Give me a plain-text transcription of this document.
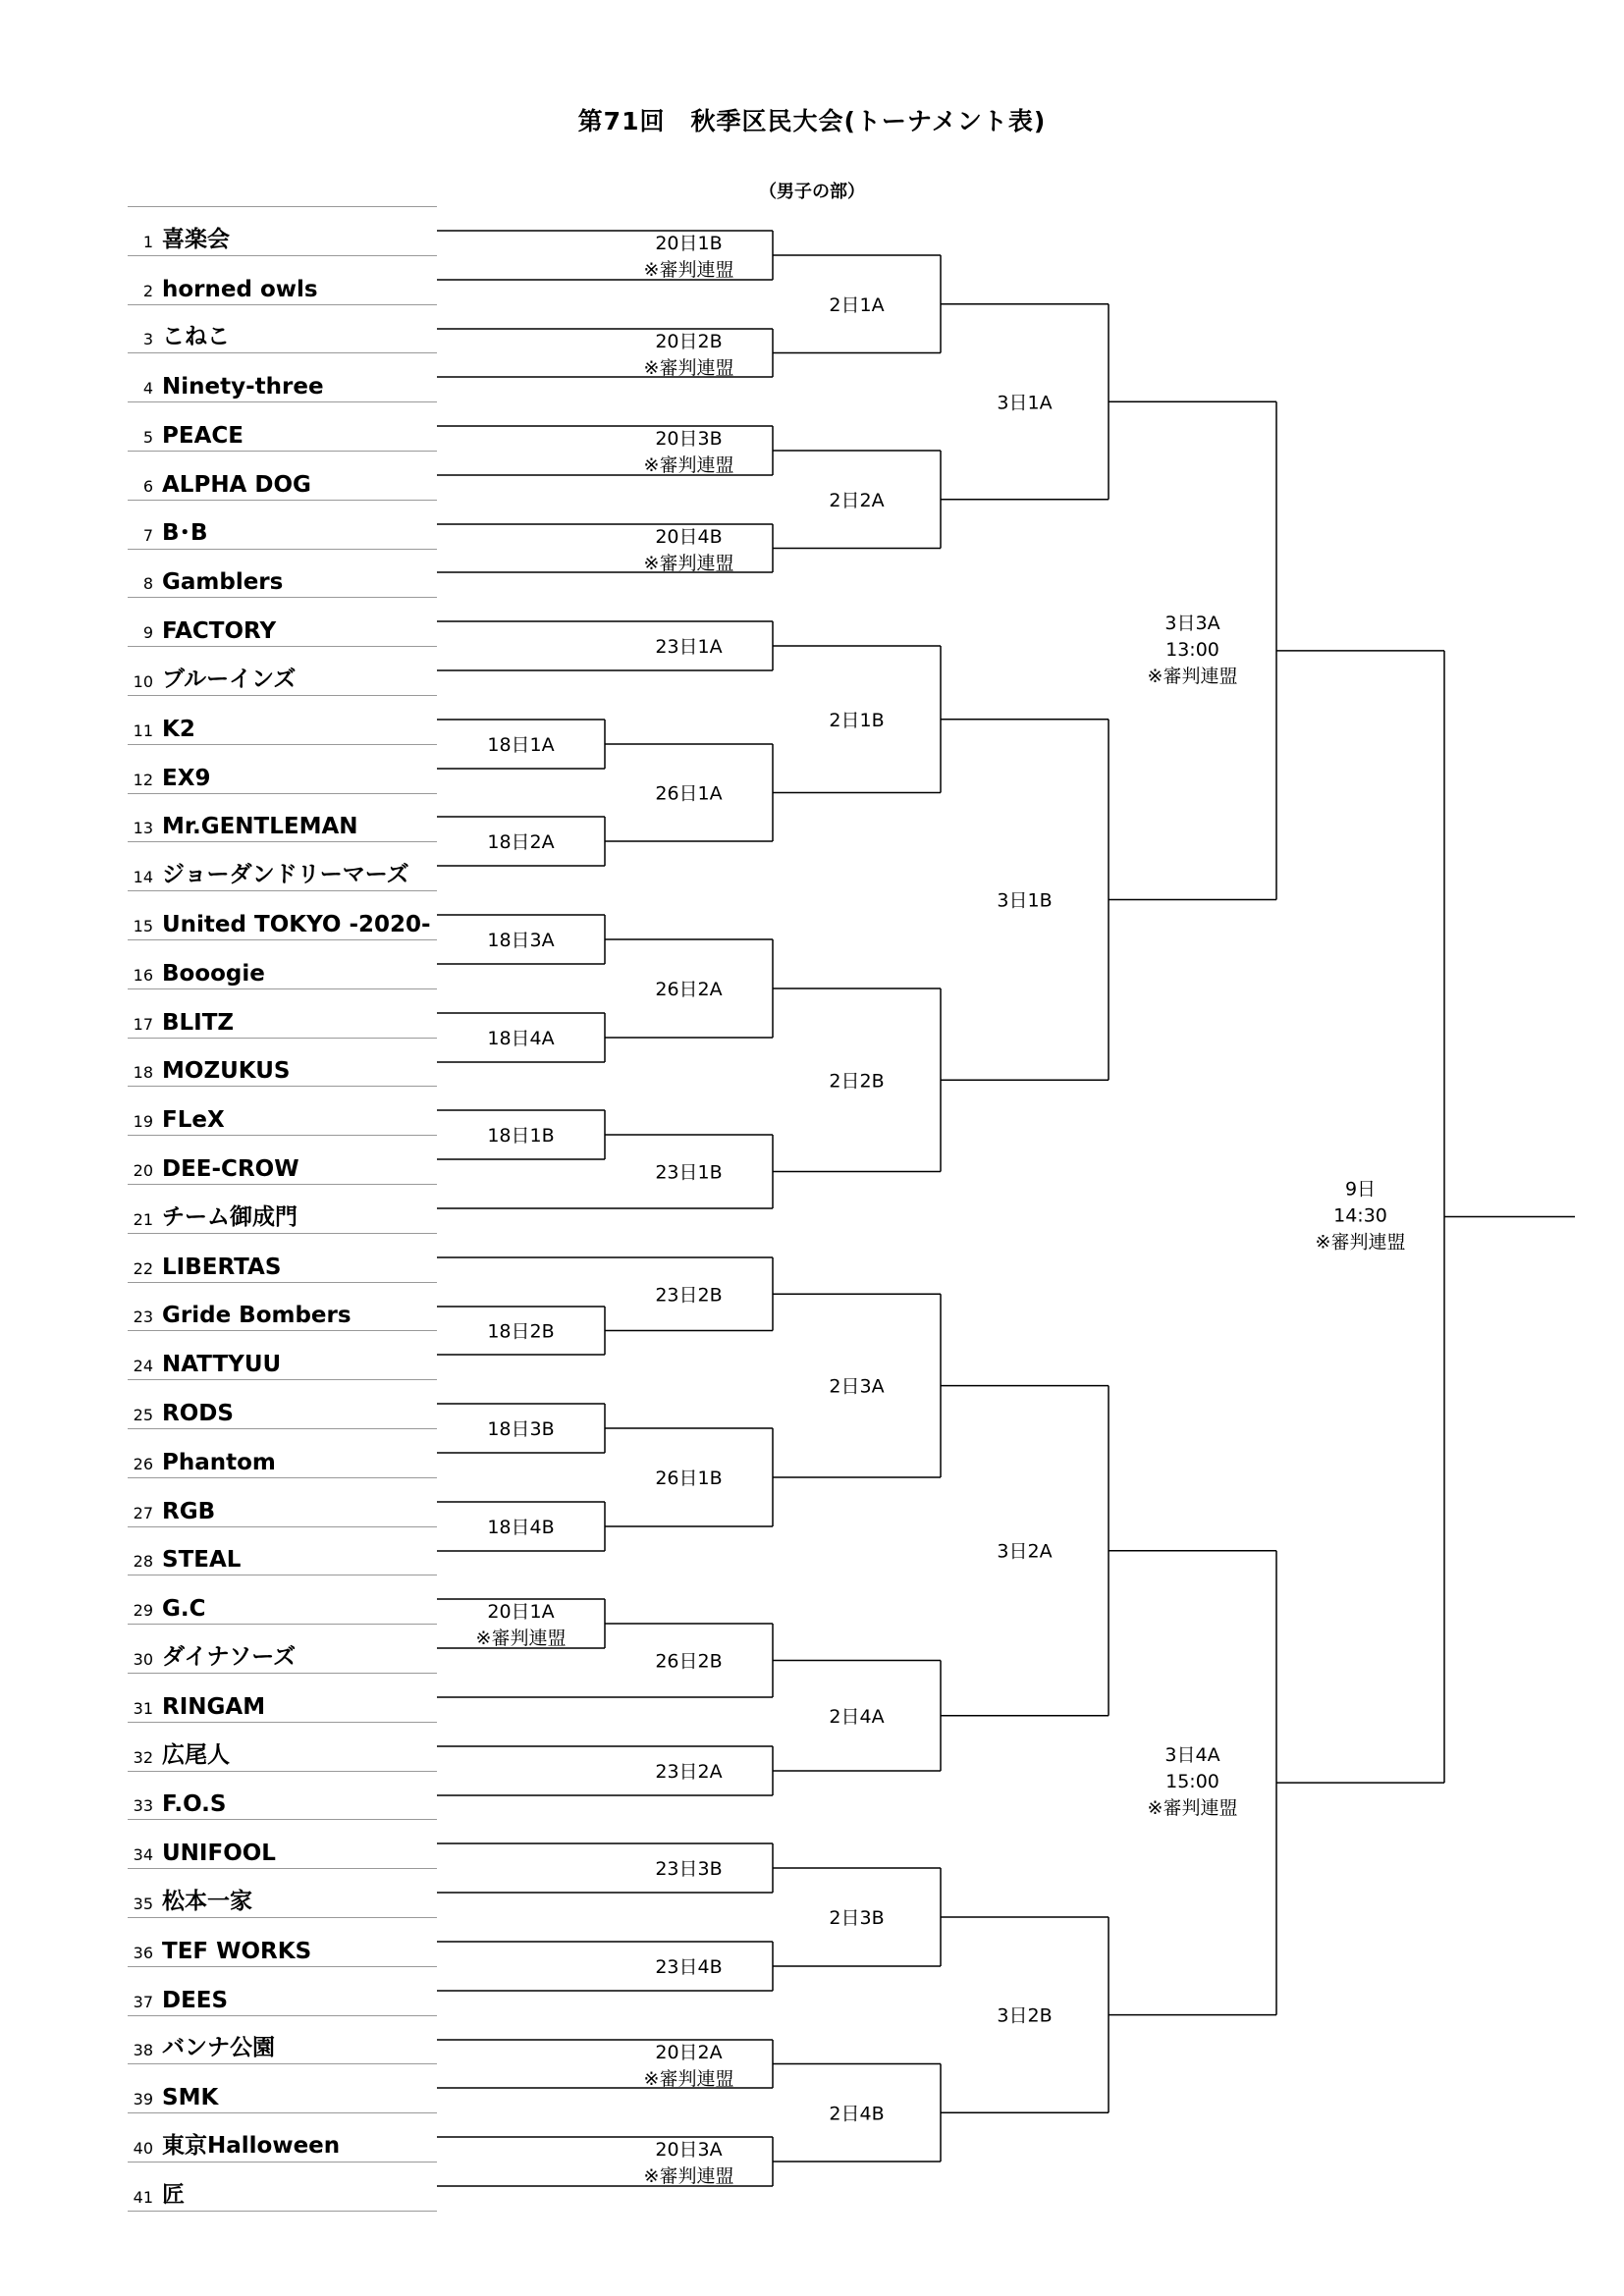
第71回　秋季区民大会(トーナメント表)
（男子の部）
1 喜楽会
2 horned owls
3 こねこ
4 Ninety-three
5 PEACE
6 ALPHA DOG
7 B･B
8 Gamblers
9 FACTORY
10 ブルーインズ
11 K2
12 EX9
13 Mr.GENTLEMAN
14 ジョーダンドリーマーズ
15 United TOKYO -2020-
16 Booogie
17 BLITZ
18 MOZUKUS
19 FLeX
20 DEE-CROW
21 チーム御成門
22 LIBERTAS
23 Gride Bombers
24 NATTYUU
25 RODS
26 Phantom
27 RGB
28 STEAL
29 G.C
30 ダイナソーズ
31 RINGAM
32 広尾人
33 F.O.S
34 UNIFOOL
35 松本一家
36 TEF WORKS
37 DEES
38 バンナ公園
39 SMK
40 東京Halloween
41 匠
18日1A
18日2A
18日3A
18日4A
18日1B
18日2B
18日3B
18日4B
20日1A
※審判連盟
20日1B
※審判連盟
20日2B
※審判連盟
20日3B
※審判連盟
20日4B
※審判連盟
23日1A
26日1A
26日2A
23日1B
23日2B
26日1B
26日2B
23日2A
23日3B
23日4B
20日2A
※審判連盟
20日3A
※審判連盟
2日1A
2日2A
2日1B
2日2B
2日3A
2日4A
2日3B
2日4B
3日1A
3日1B
3日2A
3日2B
3日3A
13:00
※審判連盟
3日4A
15:00
※審判連盟
9日
14:30
※審判連盟
